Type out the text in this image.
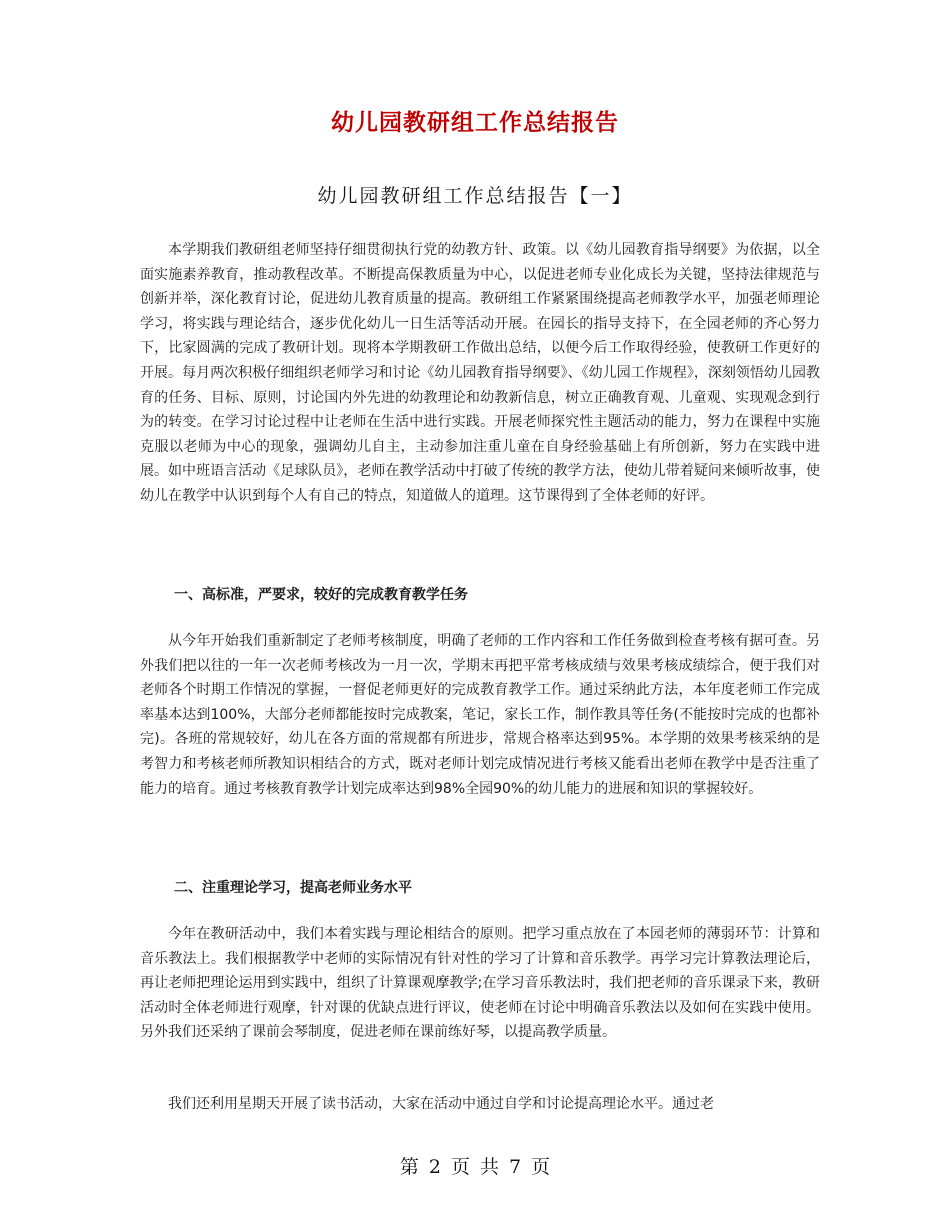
幼儿园教研组工作总结报告
幼儿园教研组工作总结报告【一】

本学期我们教研组老师坚持仔细贯彻执行党的幼教方针、政策。以《幼儿园教育指导纲要》为依据，以全面实施素养教育，推动教程改革。不断提高保教质量为中心，以促进老师专业化成长为关键，坚持法律规范与创新并举，深化教育讨论，促进幼儿教育质量的提高。教研组工作紧紧围绕提高老师教学水平，加强老师理论学习，将实践与理论结合，逐步优化幼儿一日生活等活动开展。在园长的指导支持下，在全园老师的齐心努力下，比家圆满的完成了教研计划。现将本学期教研工作做出总结，以便今后工作取得经验，使教研工作更好的开展。每月两次积极仔细组织老师学习和讨论《幼儿园教育指导纲要》、《幼儿园工作规程》，深刻领悟幼儿园教育的任务、目标、原则，讨论国内外先进的幼教理论和幼教新信息，树立正确教育观、儿童观、实现观念到行为的转变。在学习讨论过程中让老师在生活中进行实践。开展老师探究性主题活动的能力，努力在课程中实施克服以老师为中心的现象，强调幼儿自主，主动参加注重儿童在自身经验基础上有所创新，努力在实践中进展。如中班语言活动《足球队员》，老师在教学活动中打破了传统的教学方法，使幼儿带着疑问来倾听故事，使幼儿在教学中认识到每个人有自己的特点，知道做人的道理。这节课得到了全体老师的好评。

一、高标准，严要求，较好的完成教育教学任务

从今年开始我们重新制定了老师考核制度，明确了老师的工作内容和工作任务做到检查考核有据可查。另外我们把以往的一年一次老师考核改为一月一次，学期末再把平常考核成绩与效果考核成绩综合，便于我们对老师各个时期工作情况的掌握，一督促老师更好的完成教育教学工作。通过采纳此方法，本年度老师工作完成率基本达到100%，大部分老师都能按时完成教案，笔记，家长工作，制作教具等任务(不能按时完成的也都补完)。各班的常规较好，幼儿在各方面的常规都有所进步，常规合格率达到95%。本学期的效果考核采纳的是考智力和考核老师所教知识相结合的方式，既对老师计划完成情况进行考核又能看出老师在教学中是否注重了能力的培育。通过考核教育教学计划完成率达到98%全园90%的幼儿能力的进展和知识的掌握较好。

二、注重理论学习，提高老师业务水平

今年在教研活动中，我们本着实践与理论相结合的原则。把学习重点放在了本园老师的薄弱环节：计算和音乐教法上。我们根据教学中老师的实际情况有针对性的学习了计算和音乐教学。再学习完计算教法理论后，再让老师把理论运用到实践中，组织了计算课观摩教学;在学习音乐教法时，我们把老师的音乐课录下来，教研活动时全体老师进行观摩，针对课的优缺点进行评议，使老师在讨论中明确音乐教法以及如何在实践中使用。另外我们还采纳了课前会琴制度，促进老师在课前练好琴，以提高教学质量。

我们还利用星期天开展了读书活动，大家在活动中通过自学和讨论提高理论水平。通过老

第 2 页 共 7 页
